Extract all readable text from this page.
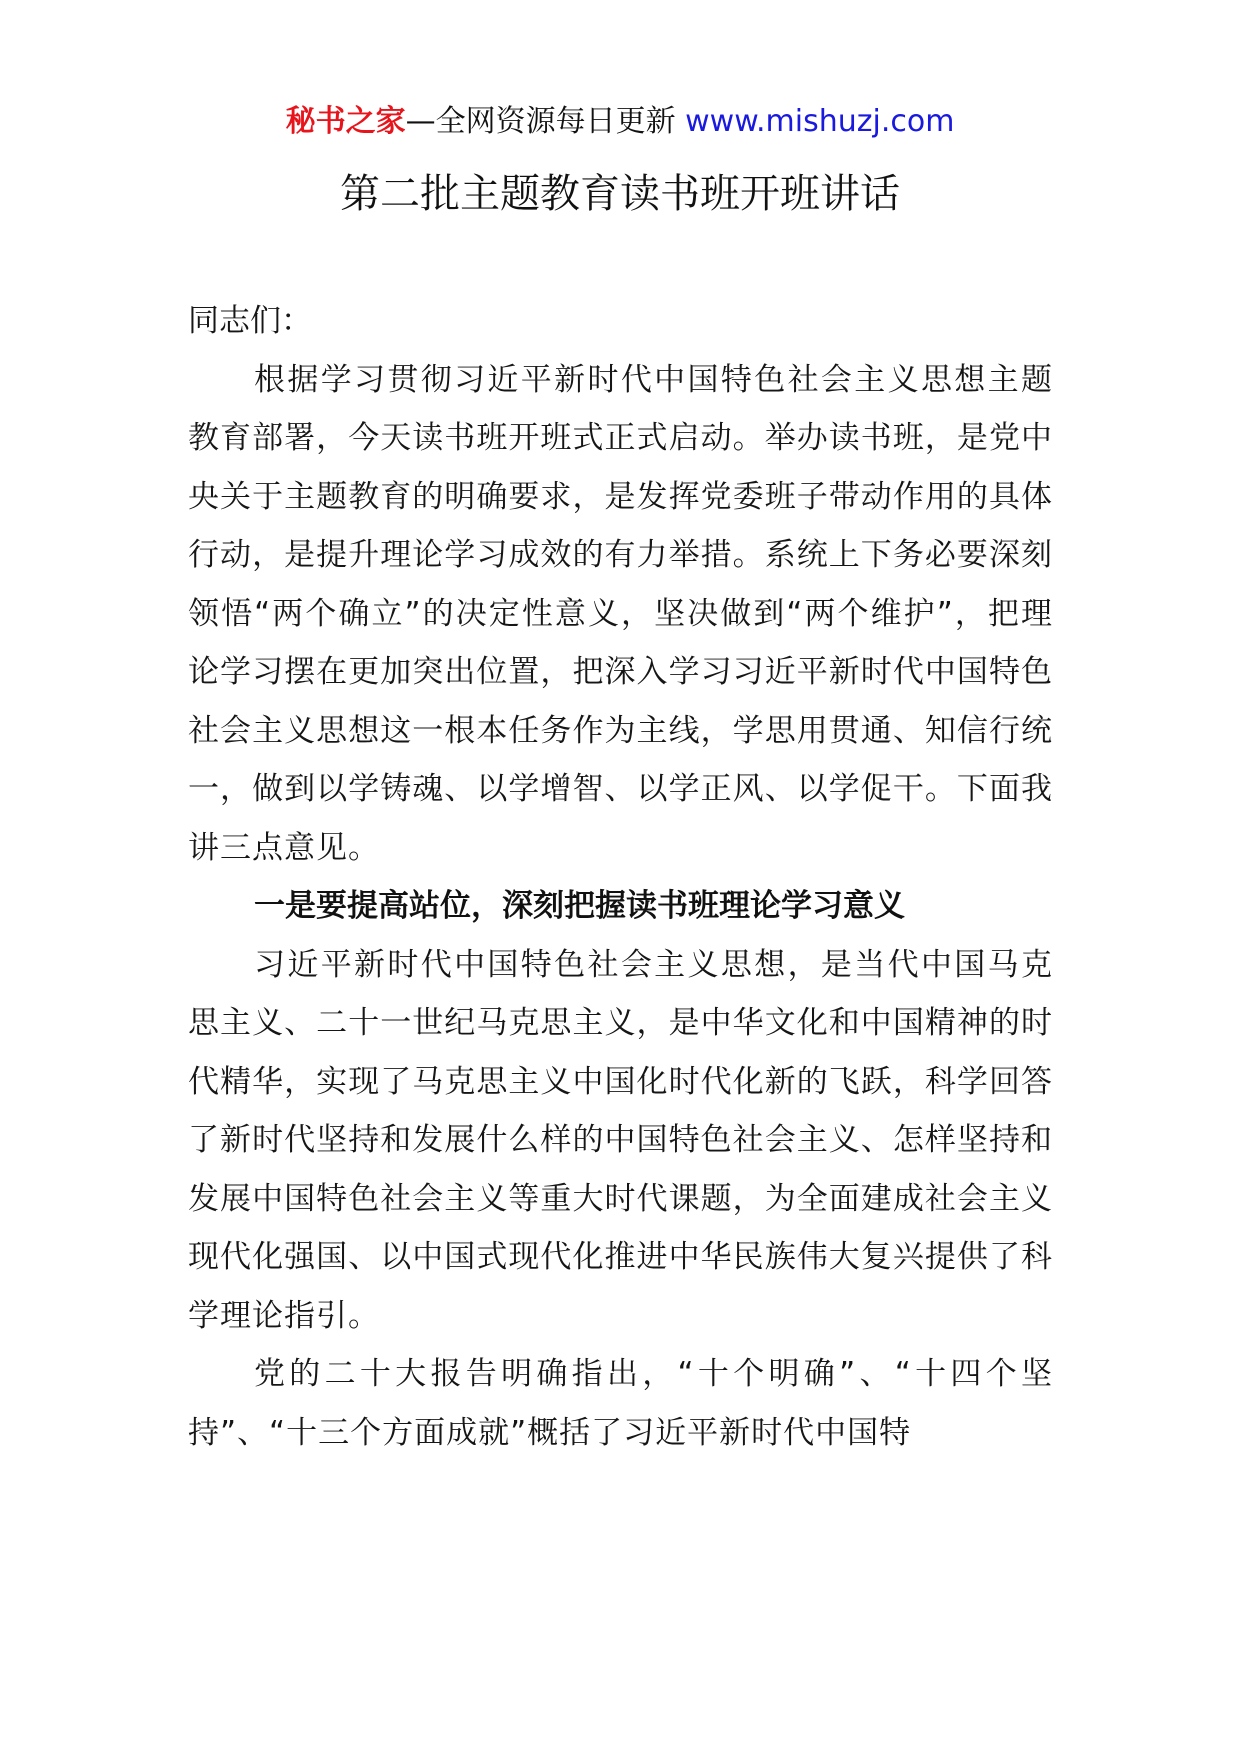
秘书之家—全网资源每日更新 www.mishuzj.com
第二批主题教育读书班开班讲话

同志们：

根据学习贯彻习近平新时代中国特色社会主义思想主题教育部署，今天读书班开班式正式启动。举办读书班，是党中央关于主题教育的明确要求，是发挥党委班子带动作用的具体行动，是提升理论学习成效的有力举措。系统上下务必要深刻领悟“两个确立”的决定性意义，坚决做到“两个维护”，把理论学习摆在更加突出位置，把深入学习习近平新时代中国特色社会主义思想这一根本任务作为主线，学思用贯通、知信行统一，做到以学铸魂、以学增智、以学正风、以学促干。下面我讲三点意见。

一是要提高站位，深刻把握读书班理论学习意义

习近平新时代中国特色社会主义思想，是当代中国马克思主义、二十一世纪马克思主义，是中华文化和中国精神的时代精华，实现了马克思主义中国化时代化新的飞跃，科学回答了新时代坚持和发展什么样的中国特色社会主义、怎样坚持和发展中国特色社会主义等重大时代课题，为全面建成社会主义现代化强国、以中国式现代化推进中华民族伟大复兴提供了科学理论指引。

党的二十大报告明确指出，“十个明确”、“十四个坚持”、“十三个方面成就”概括了习近平新时代中国特
